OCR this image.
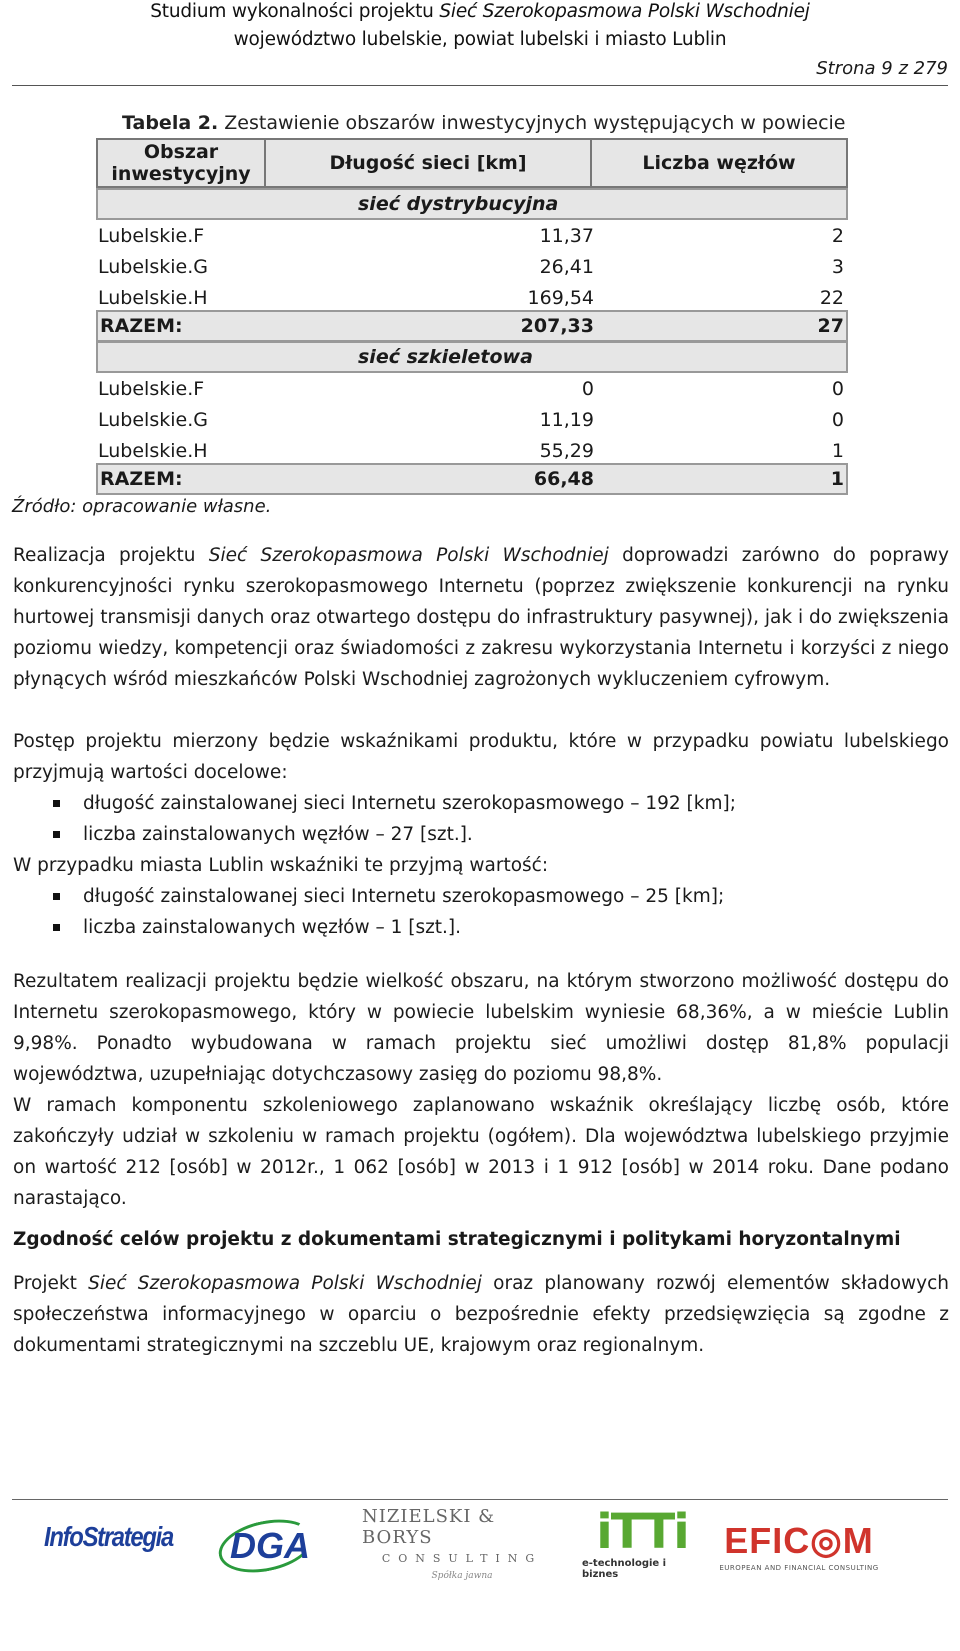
Studium wykonalności projektu Sieć Szerokopasmowa Polski Wschodniej
województwo lubelskie, powiat lubelski i miasto Lublin
Strona 9 z 279
Tabela 2. Zestawienie obszarów inwestycyjnych występujących w powiecie
Obszar inwestycyjny	Długość sieci [km]	Liczba węzłów
sieć dystrybucyjna
Lubelskie.F	11,37	2
Lubelskie.G	26,41	3
Lubelskie.H	169,54	22
RAZEM:	207,33	27
sieć szkieletowa
Lubelskie.F	0	0
Lubelskie.G	11,19	0
Lubelskie.H	55,29	1
RAZEM:	66,48	1
Źródło: opracowanie własne.
Realizacja projektu Sieć Szerokopasmowa Polski Wschodniej doprowadzi zarówno do poprawy konkurencyjności rynku szerokopasmowego Internetu (poprzez zwiększenie konkurencji na rynku hurtowej transmisji danych oraz otwartego dostępu do infrastruktury pasywnej), jak i do zwiększenia poziomu wiedzy, kompetencji oraz świadomości z zakresu wykorzystania Internetu i korzyści z niego płynących wśród mieszkańców Polski Wschodniej zagrożonych wykluczeniem cyfrowym.
Postęp projektu mierzony będzie wskaźnikami produktu, które w przypadku powiatu lubelskiego przyjmują wartości docelowe:
długość zainstalowanej sieci Internetu szerokopasmowego – 192 [km];
liczba zainstalowanych węzłów – 27 [szt.].
W przypadku miasta Lublin wskaźniki te przyjmą wartość:
długość zainstalowanej sieci Internetu szerokopasmowego – 25 [km];
liczba zainstalowanych węzłów – 1 [szt.].
Rezultatem realizacji projektu będzie wielkość obszaru, na którym stworzono możliwość dostępu do Internetu szerokopasmowego, który w powiecie lubelskim wyniesie 68,36%, a w mieście Lublin 9,98%. Ponadto wybudowana w ramach projektu sieć umożliwi dostęp 81,8% populacji województwa, uzupełniając dotychczasowy zasięg do poziomu 98,8%.
W ramach komponentu szkoleniowego zaplanowano wskaźnik określający liczbę osób, które zakończyły udział w szkoleniu w ramach projektu (ogółem). Dla województwa lubelskiego przyjmie on wartość 212 [osób] w 2012r., 1 062 [osób] w 2013 i 1 912 [osób] w 2014 roku. Dane podano narastająco.
Zgodność celów projektu z dokumentami strategicznymi i politykami horyzontalnymi
Projekt Sieć Szerokopasmowa Polski Wschodniej oraz planowany rozwój elementów składowych społeczeństwa informacyjnego w oparciu o bezpośrednie efekty przedsięwzięcia są zgodne z dokumentami strategicznymi na szczeblu UE, krajowym oraz regionalnym.
InfoStrategia DGA
NIZIELSKI & BORYS
CONSULTING
Spółka jawna
iTTi
e-technologie i biznes
EFIC◎M
EUROPEAN AND FINANCIAL CONSULTING
